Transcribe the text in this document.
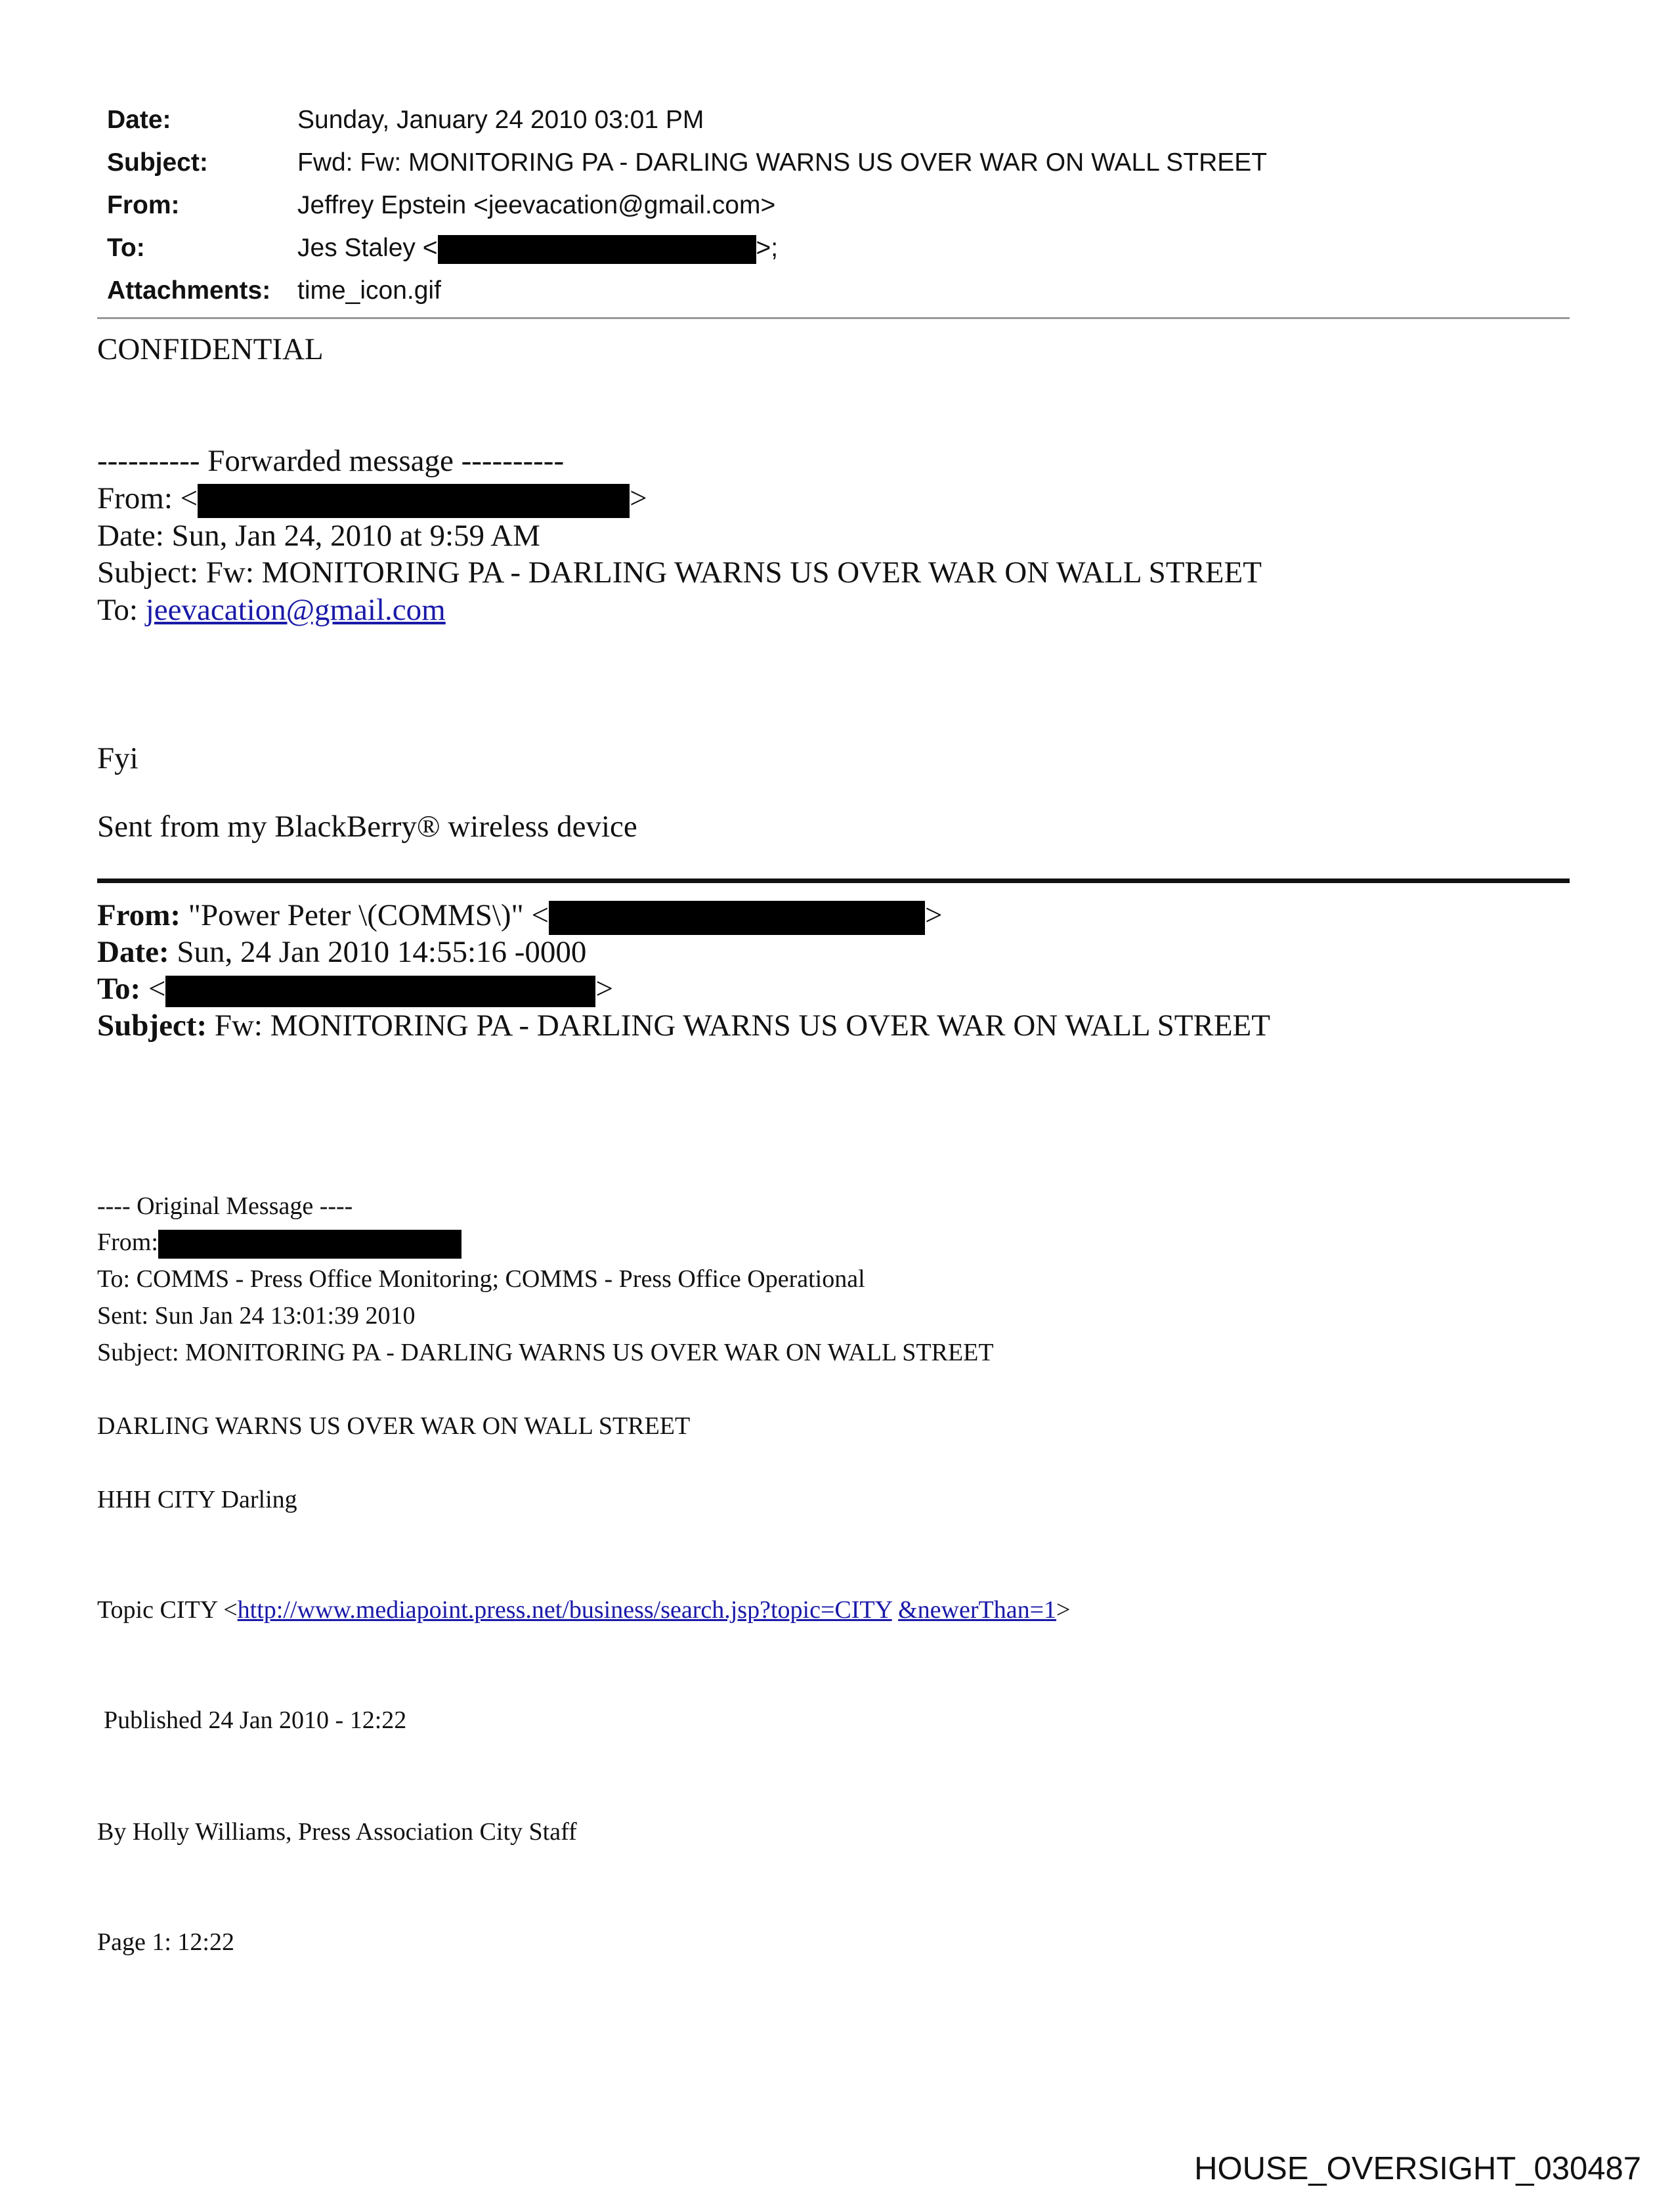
Date:	Sunday, January 24 2010 03:01 PM
Subject:	Fwd: Fw: MONITORING PA - DARLING WARNS US OVER WAR ON WALL STREET
From:	Jeffrey Epstein <jeevacation@gmail.com>
To:	Jes Staley <	>;
Attachments:	time_icon.gif
CONFIDENTIAL
---------- Forwarded message ----------
From: <	>
Date: Sun, Jan 24, 2010 at 9:59 AM
Subject: Fw: MONITORING PA - DARLING WARNS US OVER WAR ON WALL STREET
To: jeevacation@gmail.com
Fyi
Sent from my BlackBerry® wireless device
From: "Power Peter \(COMMS\)" <	>
Date: Sun, 24 Jan 2010 14:55:16 -0000
To: <	>
Subject: Fw: MONITORING PA - DARLING WARNS US OVER WAR ON WALL STREET
---- Original Message ----
From:
To: COMMS - Press Office Monitoring; COMMS - Press Office Operational
Sent: Sun Jan 24 13:01:39 2010
Subject: MONITORING PA - DARLING WARNS US OVER WAR ON WALL STREET
DARLING WARNS US OVER WAR ON WALL STREET
HHH CITY Darling
Topic CITY <http://www.mediapoint.press.net/business/search.jsp?topic=CITY &newerThan=1>
Published 24 Jan 2010 - 12:22
By Holly Williams, Press Association City Staff
Page 1: 12:22
HOUSE_OVERSIGHT_030487
